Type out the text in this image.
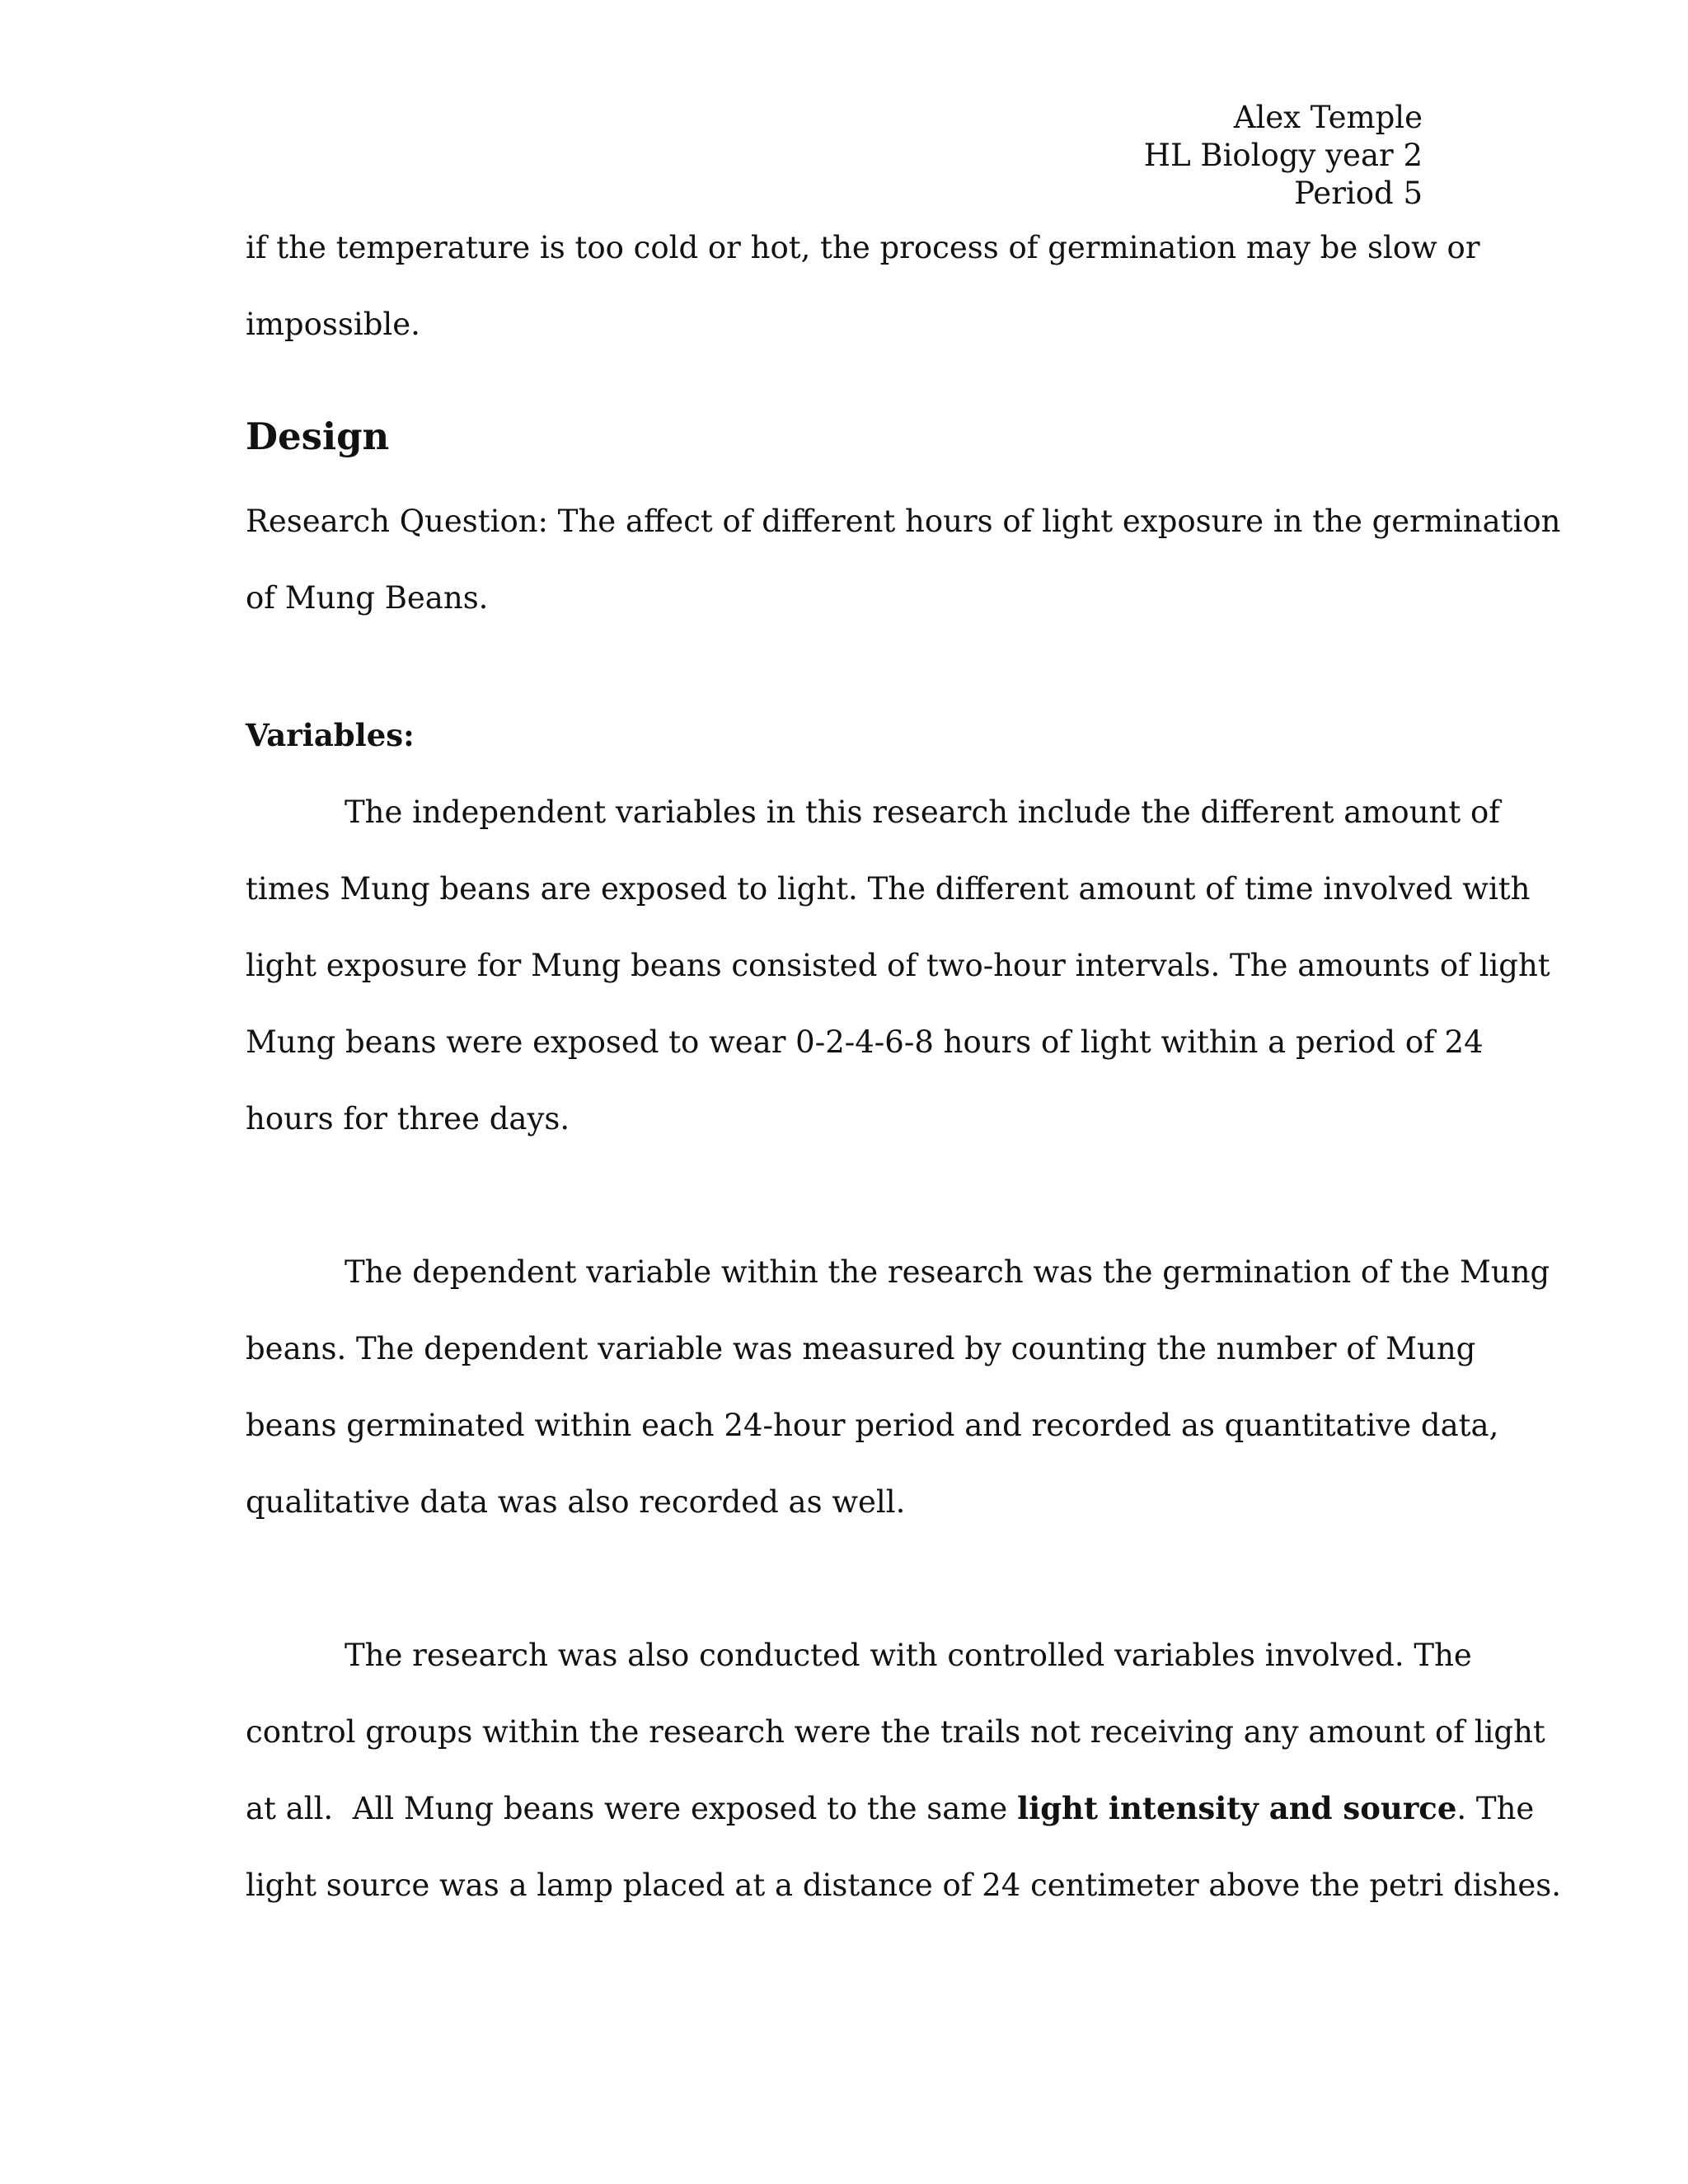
Alex Temple
HL Biology year 2
Period 5

if the temperature is too cold or hot, the process of germination may be slow or

impossible.

Design

Research Question: The affect of different hours of light exposure in the germination

of Mung Beans.

Variables:

The independent variables in this research include the different amount of

times Mung beans are exposed to light. The different amount of time involved with

light exposure for Mung beans consisted of two-hour intervals. The amounts of light

Mung beans were exposed to wear 0-2-4-6-8 hours of light within a period of 24

hours for three days.

The dependent variable within the research was the germination of the Mung

beans. The dependent variable was measured by counting the number of Mung

beans germinated within each 24-hour period and recorded as quantitative data,

qualitative data was also recorded as well.

The research was also conducted with controlled variables involved. The

control groups within the research were the trails not receiving any amount of light

at all.  All Mung beans were exposed to the same light intensity and source. The

light source was a lamp placed at a distance of 24 centimeter above the petri dishes.
